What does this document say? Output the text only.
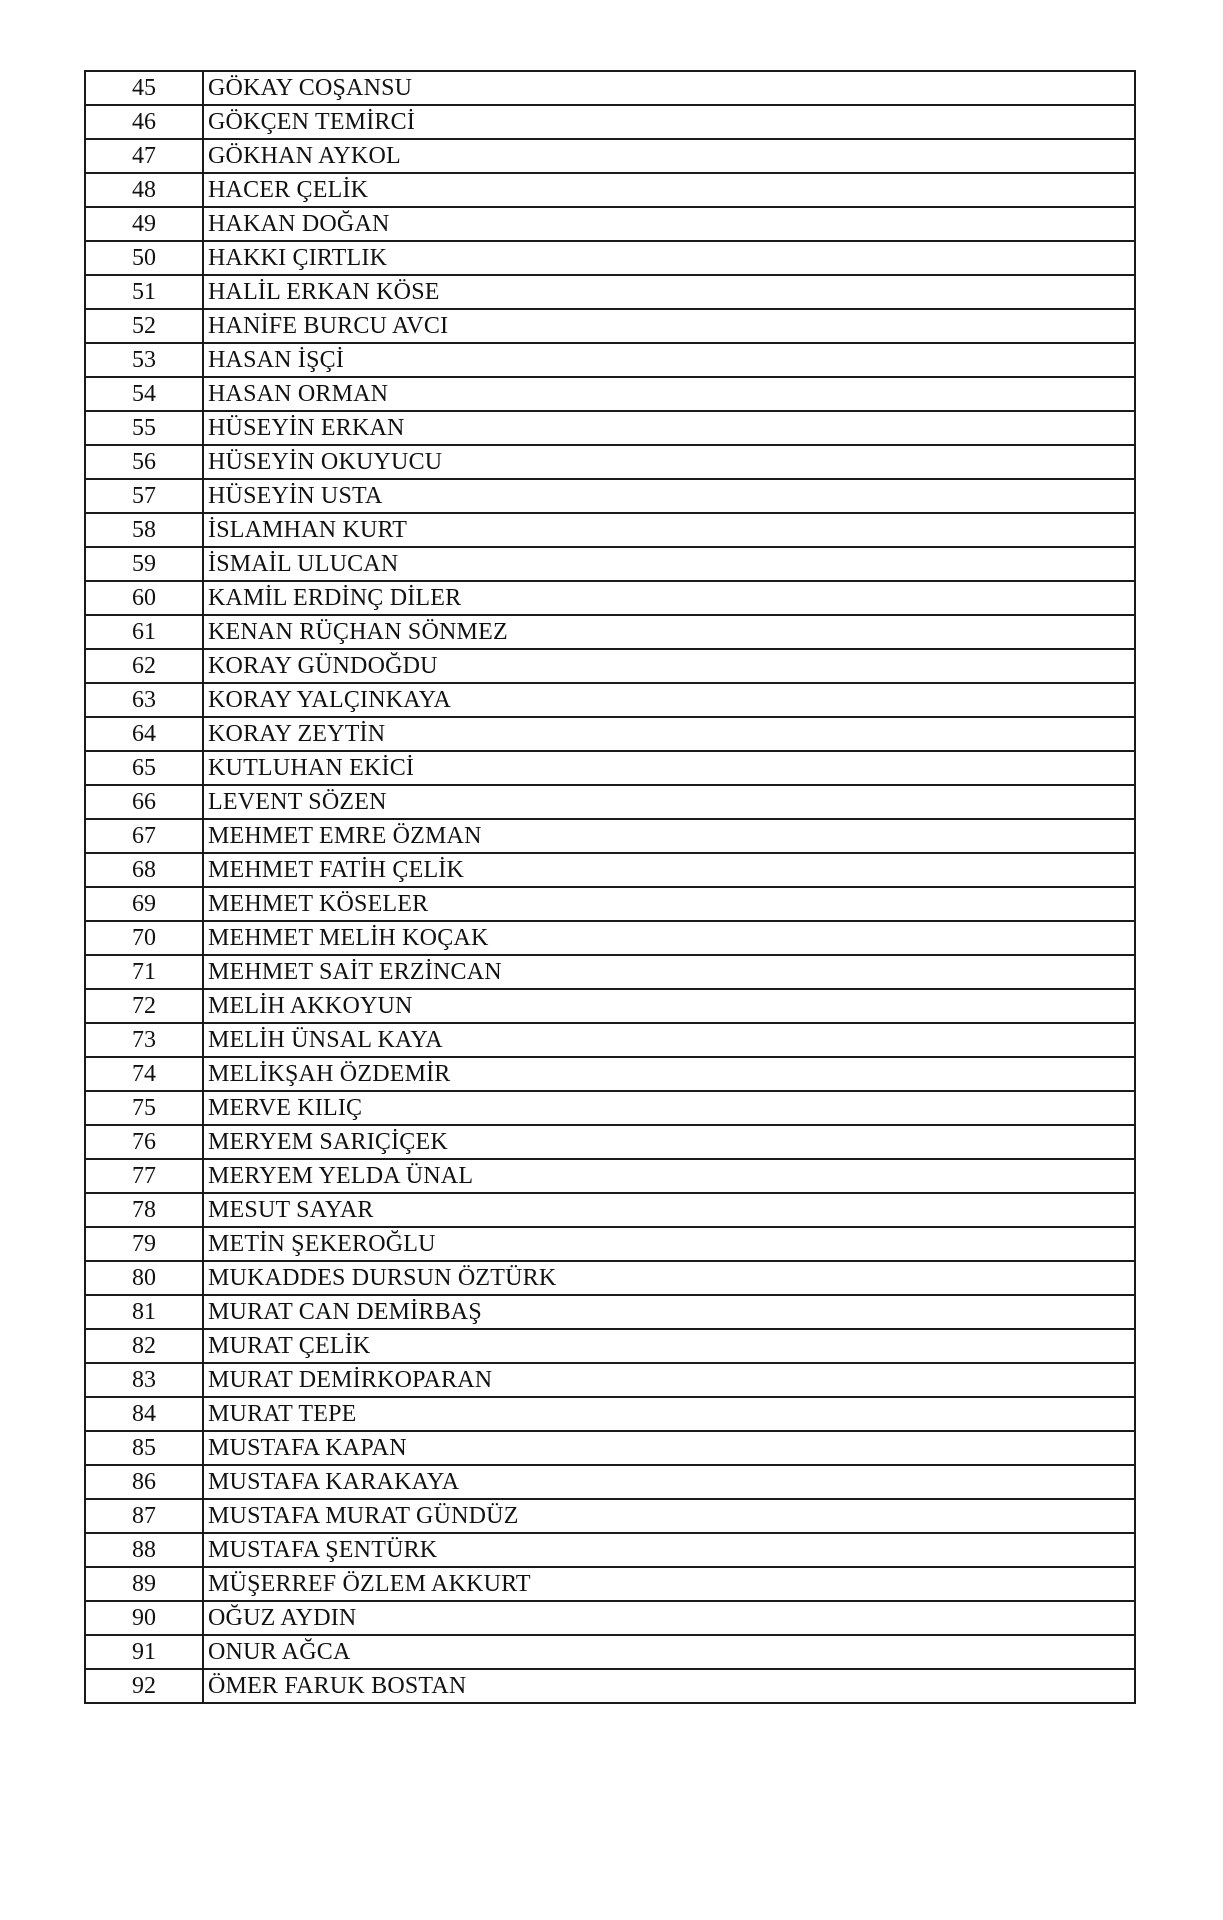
45	GÖKAY COŞANSU
46	GÖKÇEN TEMİRCİ
47	GÖKHAN AYKOL
48	HACER ÇELİK
49	HAKAN DOĞAN
50	HAKKI ÇIRTLIK
51	HALİL ERKAN KÖSE
52	HANİFE BURCU AVCI
53	HASAN İŞÇİ
54	HASAN ORMAN
55	HÜSEYİN ERKAN
56	HÜSEYİN OKUYUCU
57	HÜSEYİN USTA
58	İSLAMHAN KURT
59	İSMAİL ULUCAN
60	KAMİL ERDİNÇ DİLER
61	KENAN RÜÇHAN SÖNMEZ
62	KORAY GÜNDOĞDU
63	KORAY YALÇINKAYA
64	KORAY ZEYTİN
65	KUTLUHAN EKİCİ
66	LEVENT SÖZEN
67	MEHMET EMRE ÖZMAN
68	MEHMET FATİH ÇELİK
69	MEHMET KÖSELER
70	MEHMET MELİH KOÇAK
71	MEHMET SAİT ERZİNCAN
72	MELİH AKKOYUN
73	MELİH ÜNSAL KAYA
74	MELİKŞAH ÖZDEMİR
75	MERVE KILIÇ
76	MERYEM SARIÇİÇEK
77	MERYEM YELDA ÜNAL
78	MESUT SAYAR
79	METİN ŞEKEROĞLU
80	MUKADDES DURSUN ÖZTÜRK
81	MURAT CAN DEMİRBAŞ
82	MURAT ÇELİK
83	MURAT DEMİRKOPARAN
84	MURAT TEPE
85	MUSTAFA KAPAN
86	MUSTAFA KARAKAYA
87	MUSTAFA MURAT GÜNDÜZ
88	MUSTAFA ŞENTÜRK
89	MÜŞERREF ÖZLEM AKKURT
90	OĞUZ AYDIN
91	ONUR AĞCA
92	ÖMER FARUK BOSTAN
